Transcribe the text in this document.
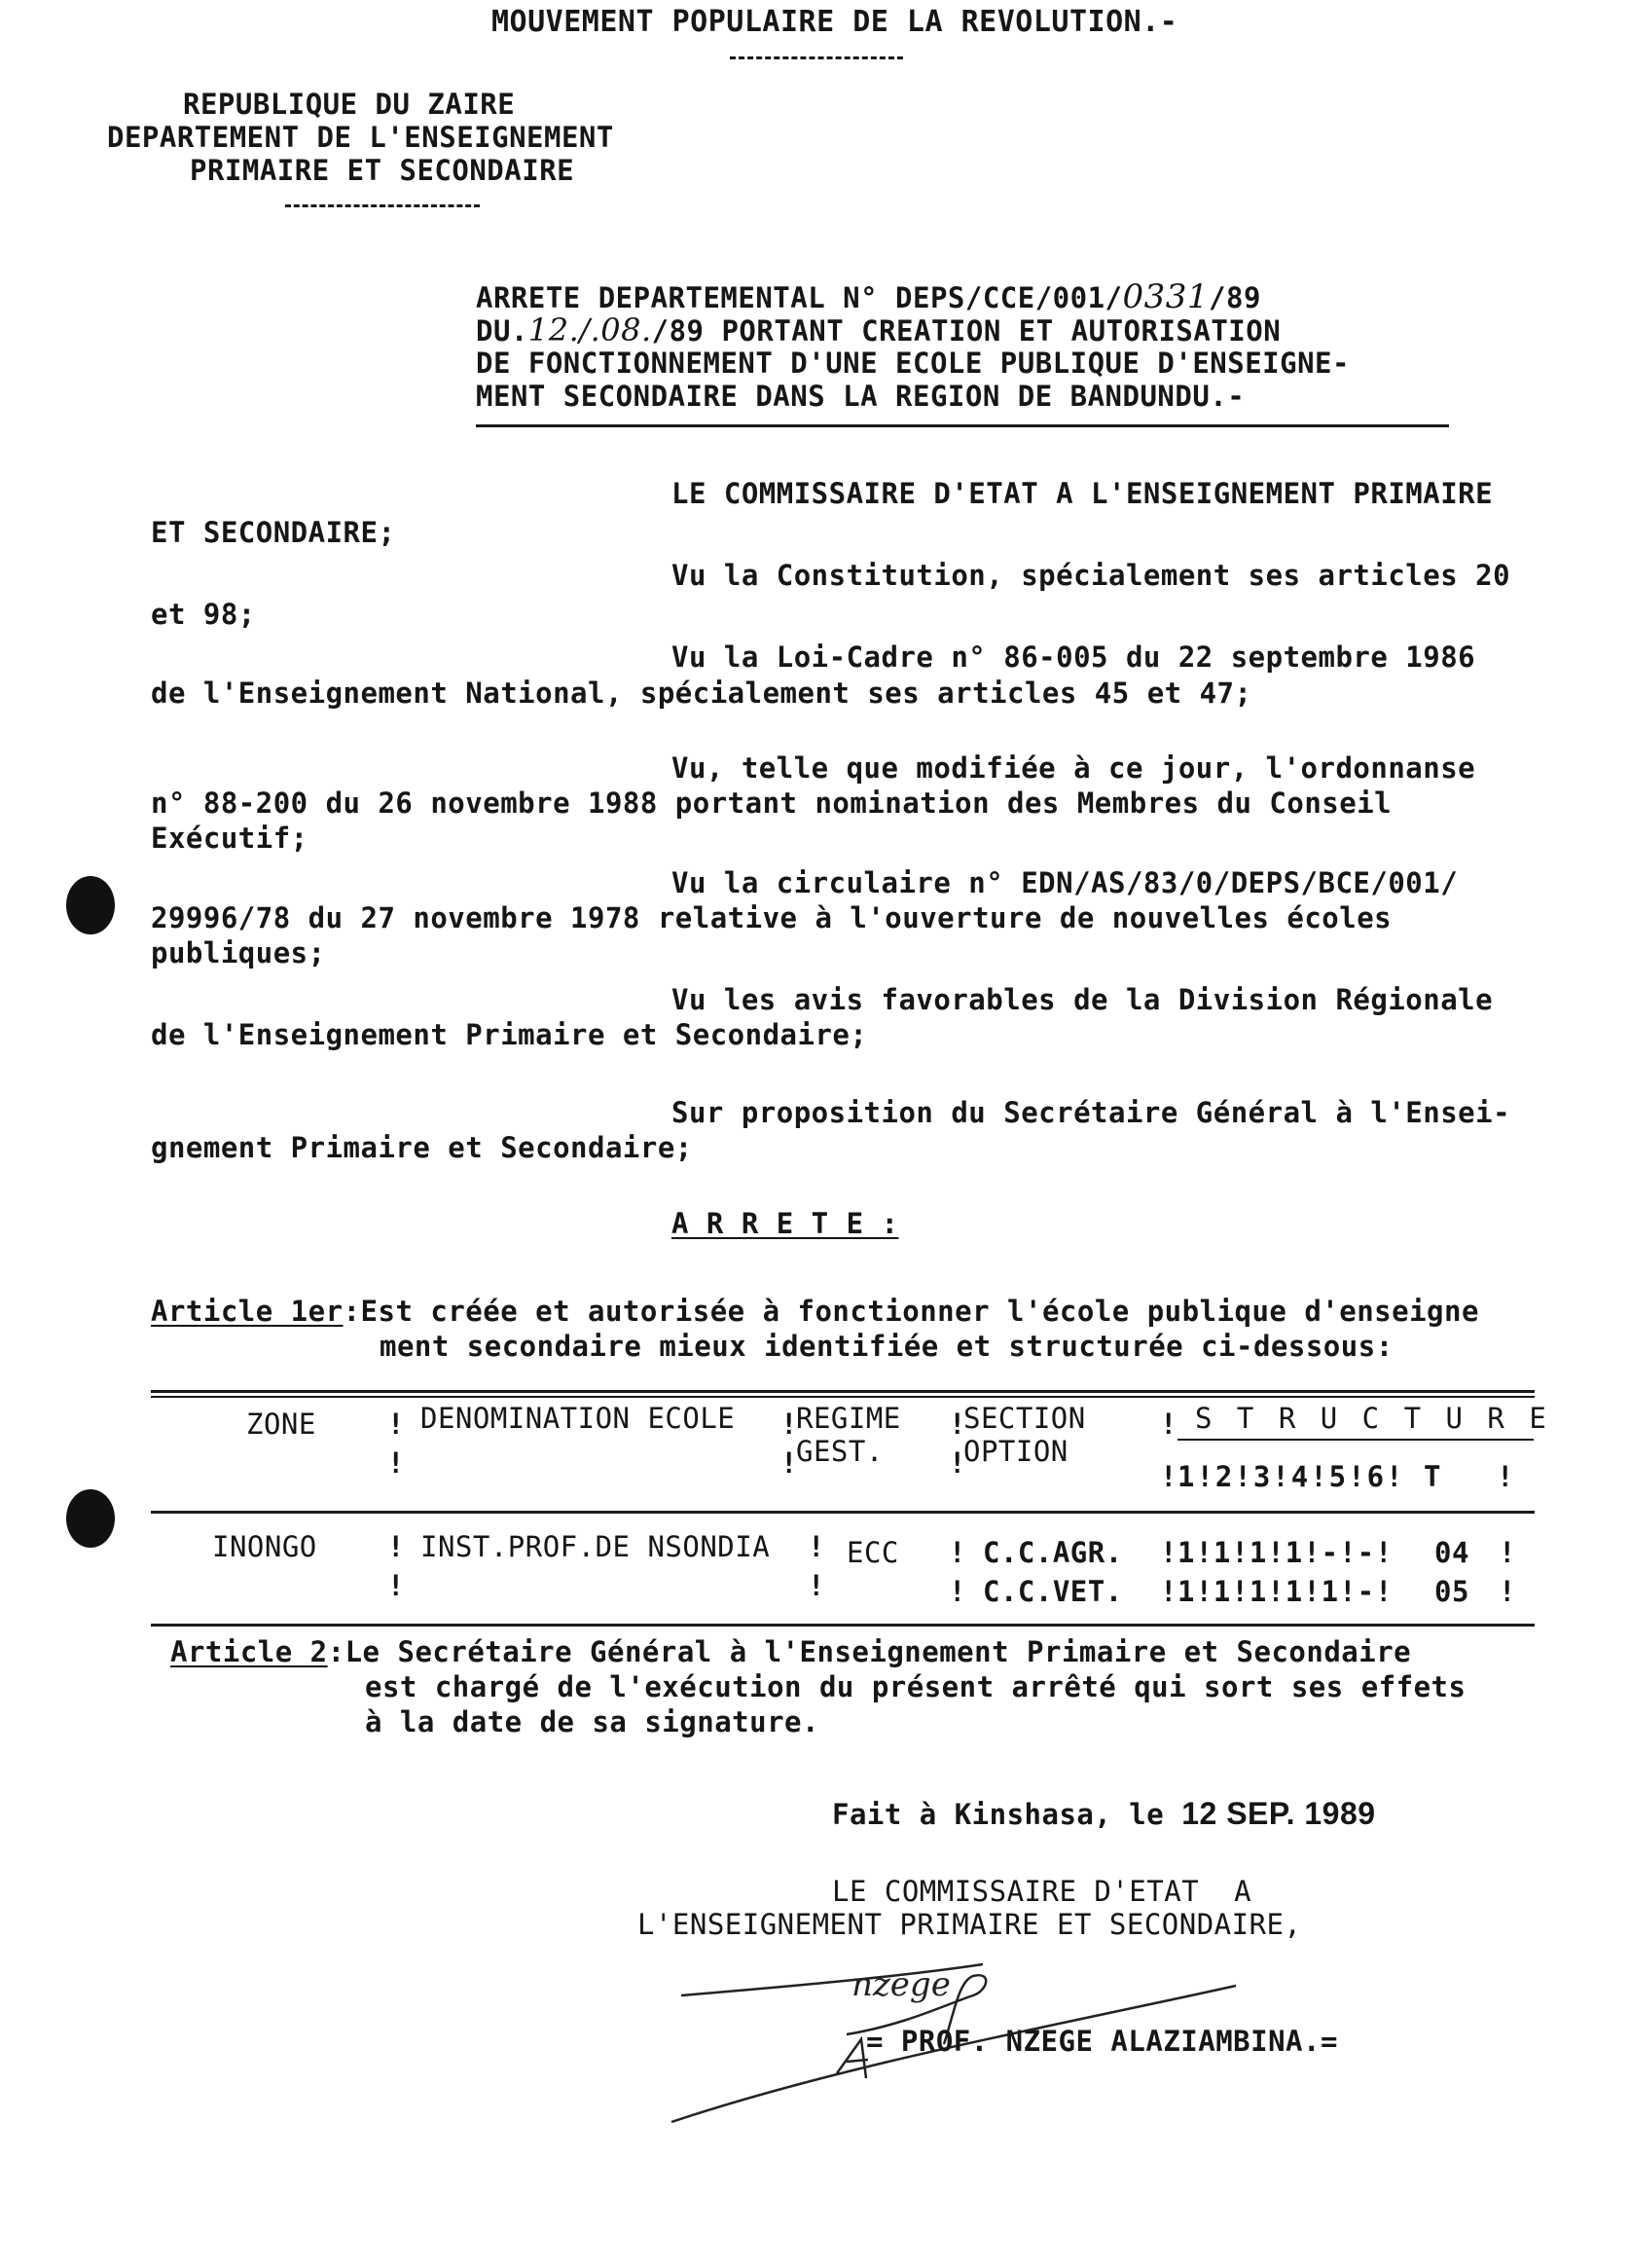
MOUVEMENT POPULAIRE DE LA REVOLUTION.-
REPUBLIQUE DU ZAIRE
DEPARTEMENT DE L'ENSEIGNEMENT
PRIMAIRE ET SECONDAIRE
ARRETE DEPARTEMENTAL N° DEPS/CCE/001/0331/89
DU.12./.08./89 PORTANT CREATION ET AUTORISATION
DE FONCTIONNEMENT D'UNE ECOLE PUBLIQUE D'ENSEIGNE-
MENT SECONDAIRE DANS LA REGION DE BANDUNDU.-
LE COMMISSAIRE D'ETAT A L'ENSEIGNEMENT PRIMAIRE
ET SECONDAIRE;
Vu la Constitution, spécialement ses articles 20
et 98;
Vu la Loi-Cadre n° 86-005 du 22 septembre 1986
de l'Enseignement National, spécialement ses articles 45 et 47;
Vu, telle que modifiée à ce jour, l'ordonnanse
n° 88-200 du 26 novembre 1988 portant nomination des Membres du Conseil
Exécutif;
Vu la circulaire n° EDN/AS/83/0/DEPS/BCE/001/
29996/78 du 27 novembre 1978 relative à l'ouverture de nouvelles écoles
publiques;
Vu les avis favorables de la Division Régionale
de l'Enseignement Primaire et Secondaire;
Sur proposition du Secrétaire Général à l'Ensei-
gnement Primaire et Secondaire;
A R R E T E :
Article 1er:Est créée et autorisée à fonctionner l'école publique d'enseigne
ment secondaire mieux identifiée et structurée ci-dessous:
ZONE	DENOMINATION ECOLE REGIME
GEST.
SECTION
OPTION
S T R U C T U R E
1!2!3!4!5!6! T
!
!
!
!
!
!
!
!	!
INONGO !
!
INST.PROF.DE NSONDIA !
!
ECC !
!
C.C.AGR.
C.C.VET.
!
!
1!1!1!1!-!-!
1!1!1!1!1!-!
04
05
!
!
Article 2:Le Secrétaire Général à l'Enseignement Primaire et Secondaire
est chargé de l'exécution du présent arrêté qui sort ses effets
à la date de sa signature.
Fait à Kinshasa, le 12 SEP. 1989
LE COMMISSAIRE D'ETAT  A
L'ENSEIGNEMENT PRIMAIRE ET SECONDAIRE,
nzege
= PROF. NZEGE ALAZIAMBINA.=
